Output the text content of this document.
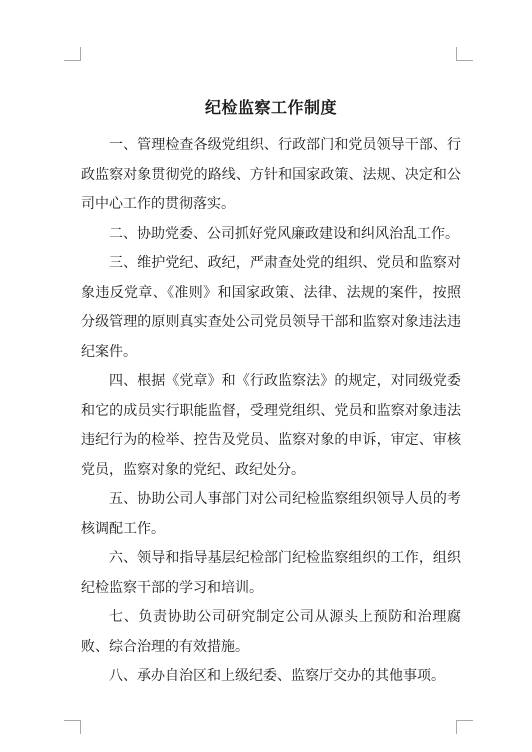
纪检监察工作制度

一、管理检查各级党组织、行政部门和党员领导干部、行政监察对象贯彻党的路线、方针和国家政策、法规、决定和公司中心工作的贯彻落实。

二、协助党委、公司抓好党风廉政建设和纠风治乱工作。

三、维护党纪、政纪，严肃查处党的组织、党员和监察对象违反党章、《准则》和国家政策、法律、法规的案件，按照分级管理的原则真实查处公司党员领导干部和监察对象违法违纪案件。

四、根据《党章》和《行政监察法》的规定，对同级党委和它的成员实行职能监督，受理党组织、党员和监察对象违法违纪行为的检举、控告及党员、监察对象的申诉，审定、审核党员，监察对象的党纪、政纪处分。

五、协助公司人事部门对公司纪检监察组织领导人员的考核调配工作。

六、领导和指导基层纪检部门纪检监察组织的工作，组织纪检监察干部的学习和培训。

七、负责协助公司研究制定公司从源头上预防和治理腐败、综合治理的有效措施。

八、承办自治区和上级纪委、监察厅交办的其他事项。
